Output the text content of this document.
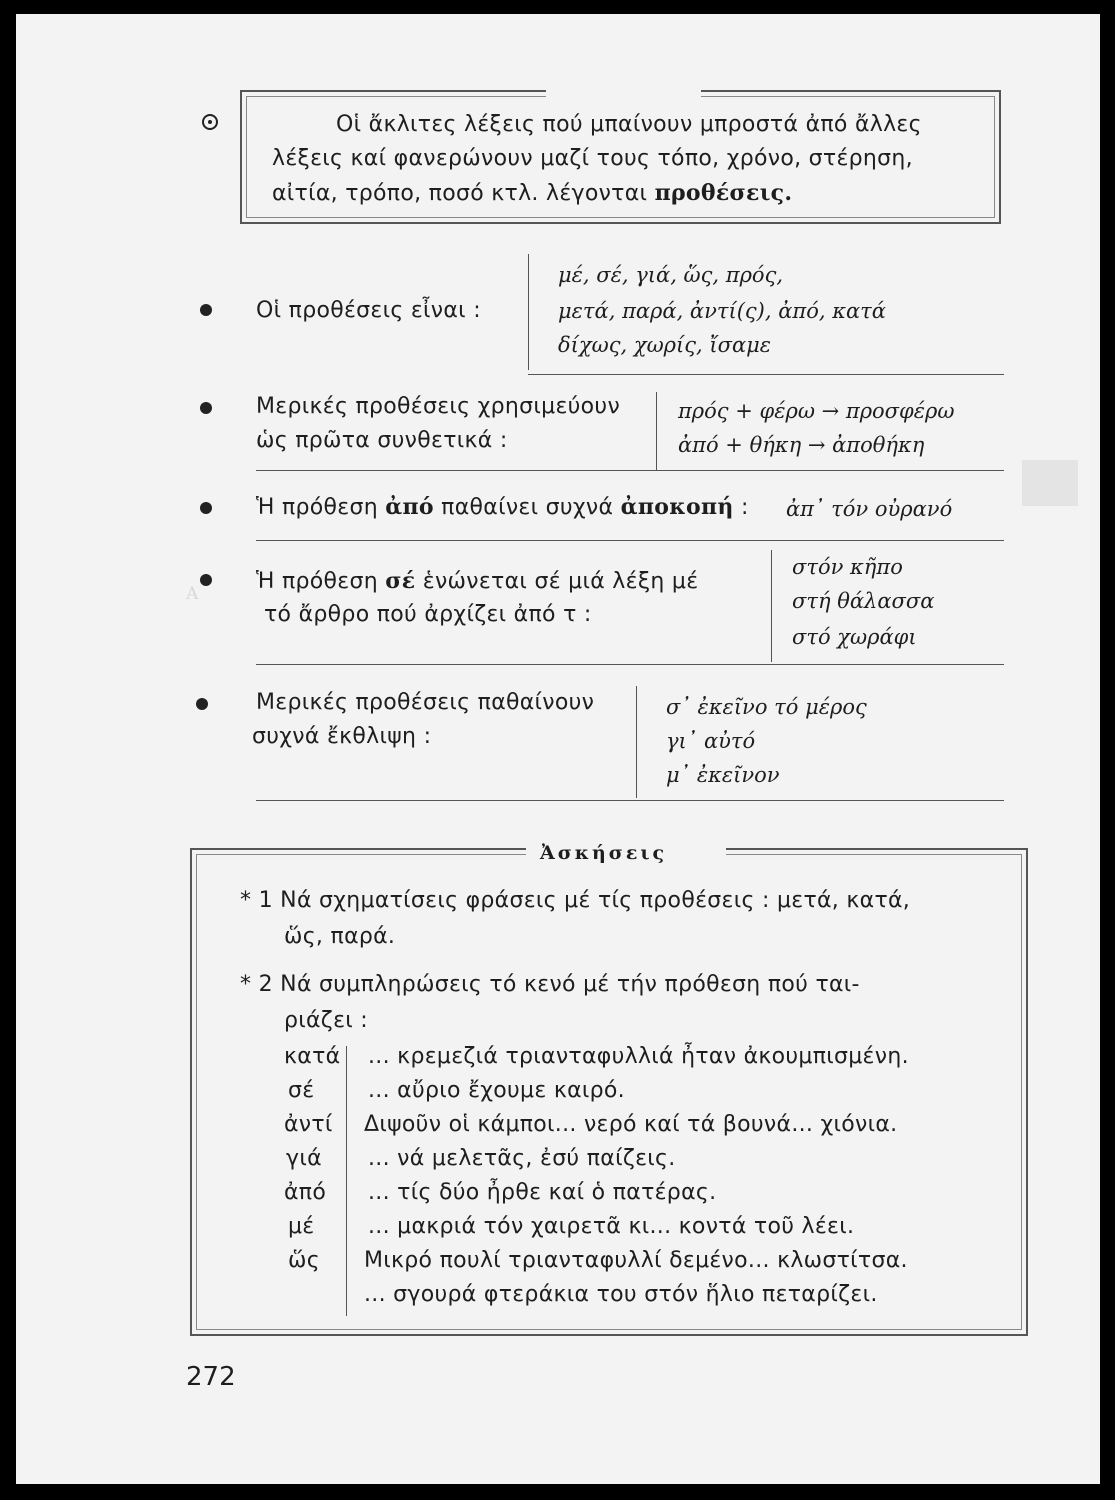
Α
Οἱ ἄκλιτες λέξεις πού μπαίνουν μπροστά ἀπό ἄλλες
λέξεις καί φανερώνουν μαζί τους τόπο, χρόνο, στέρηση,
αἰτία, τρόπο, ποσό κτλ. λέγονται προθέσεις.
Οἱ προθέσεις εἶναι :
μέ, σέ, γιά, ὥς, πρός,
μετά, παρά, ἀντί(ς), ἀπό, κατά
δίχως, χωρίς, ἴσαμε
Μερικές προθέσεις χρησιμεύουν
ὡς πρῶτα συνθετικά :
πρός + φέρω → προσφέρω
ἀπό + θήκη → ἀποθήκη
Ἡ πρόθεση ἀπό παθαίνει συχνά ἀποκοπή : ἀπ᾽ τόν οὐρανό
Ἡ πρόθεση σέ ἑνώνεται σέ μιά λέξη μέ
τό ἄρθρο πού ἀρχίζει ἀπό τ :
στόν κῆπο
στή θάλασσα
στό χωράφι
Μερικές προθέσεις παθαίνουν
συχνά ἔκθλιψη :
σ᾽ ἐκεῖνο τό μέρος
γι᾽ αὐτό
μ᾽ ἐκεῖνον
Ἀσκήσεις
* 1 Νά σχηματίσεις φράσεις μέ τίς προθέσεις : μετά, κατά,
ὥς, παρά.
* 2 Νά συμπληρώσεις τό κενό μέ τήν πρόθεση πού ται-
ριάζει :
κατά
σέ
ἀντί
γιά
ἀπό
μέ
ὥς
... κρεμεζιά τριανταφυλλιά ἦταν ἀκουμπισμένη.
... αὔριο ἔχουμε καιρό.
Διψοῦν οἱ κάμποι... νερό καί τά βουνά... χιόνια.
... νά μελετᾶς, ἐσύ παίζεις.
... τίς δύο ἦρθε καί ὁ πατέρας.
... μακριά τόν χαιρετᾶ κι... κοντά τοῦ λέει.
Μικρό πουλί τριανταφυλλί δεμένο... κλωστίτσα.
... σγουρά φτεράκια του στόν ἥλιο πεταρίζει.
272
